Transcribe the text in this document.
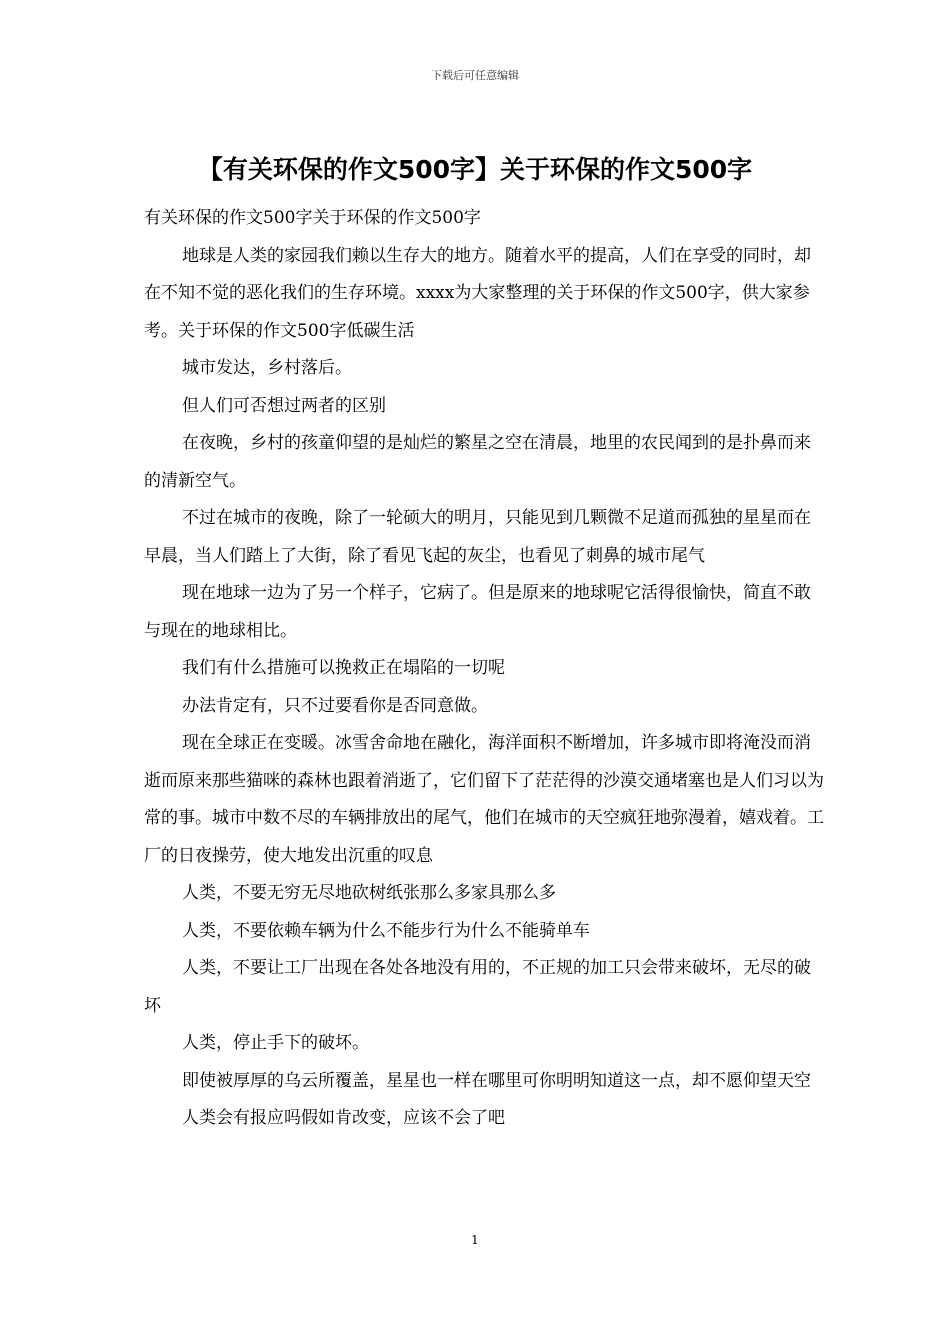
下载后可任意编辑
【有关环保的作文500字】关于环保的作文500字

有关环保的作文500字关于环保的作文500字

地球是人类的家园我们赖以生存大的地方。随着水平的提高，人们在享受的同时，却在不知不觉的恶化我们的生存环境。xxxx为大家整理的关于环保的作文500字，供大家参考。关于环保的作文500字低碳生活

城市发达，乡村落后。

但人们可否想过两者的区别

在夜晚，乡村的孩童仰望的是灿烂的繁星之空在清晨，地里的农民闻到的是扑鼻而来的清新空气。

不过在城市的夜晚，除了一轮硕大的明月，只能见到几颗微不足道而孤独的星星而在早晨，当人们踏上了大街，除了看见飞起的灰尘，也看见了刺鼻的城市尾气

现在地球一边为了另一个样子，它病了。但是原来的地球呢它活得很愉快，简直不敢与现在的地球相比。

我们有什么措施可以挽救正在塌陷的一切呢

办法肯定有，只不过要看你是否同意做。

现在全球正在变暖。冰雪舍命地在融化，海洋面积不断增加，许多城市即将淹没而消逝而原来那些猫咪的森林也跟着消逝了，它们留下了茫茫得的沙漠交通堵塞也是人们习以为常的事。城市中数不尽的车辆排放出的尾气，他们在城市的天空疯狂地弥漫着，嬉戏着。工厂的日夜操劳，使大地发出沉重的叹息

人类，不要无穷无尽地砍树纸张那么多家具那么多

人类，不要依赖车辆为什么不能步行为什么不能骑单车

人类，不要让工厂出现在各处各地没有用的，不正规的加工只会带来破坏，无尽的破坏

人类，停止手下的破坏。

即使被厚厚的乌云所覆盖，星星也一样在哪里可你明明知道这一点，却不愿仰望天空

人类会有报应吗假如肯改变，应该不会了吧

1
